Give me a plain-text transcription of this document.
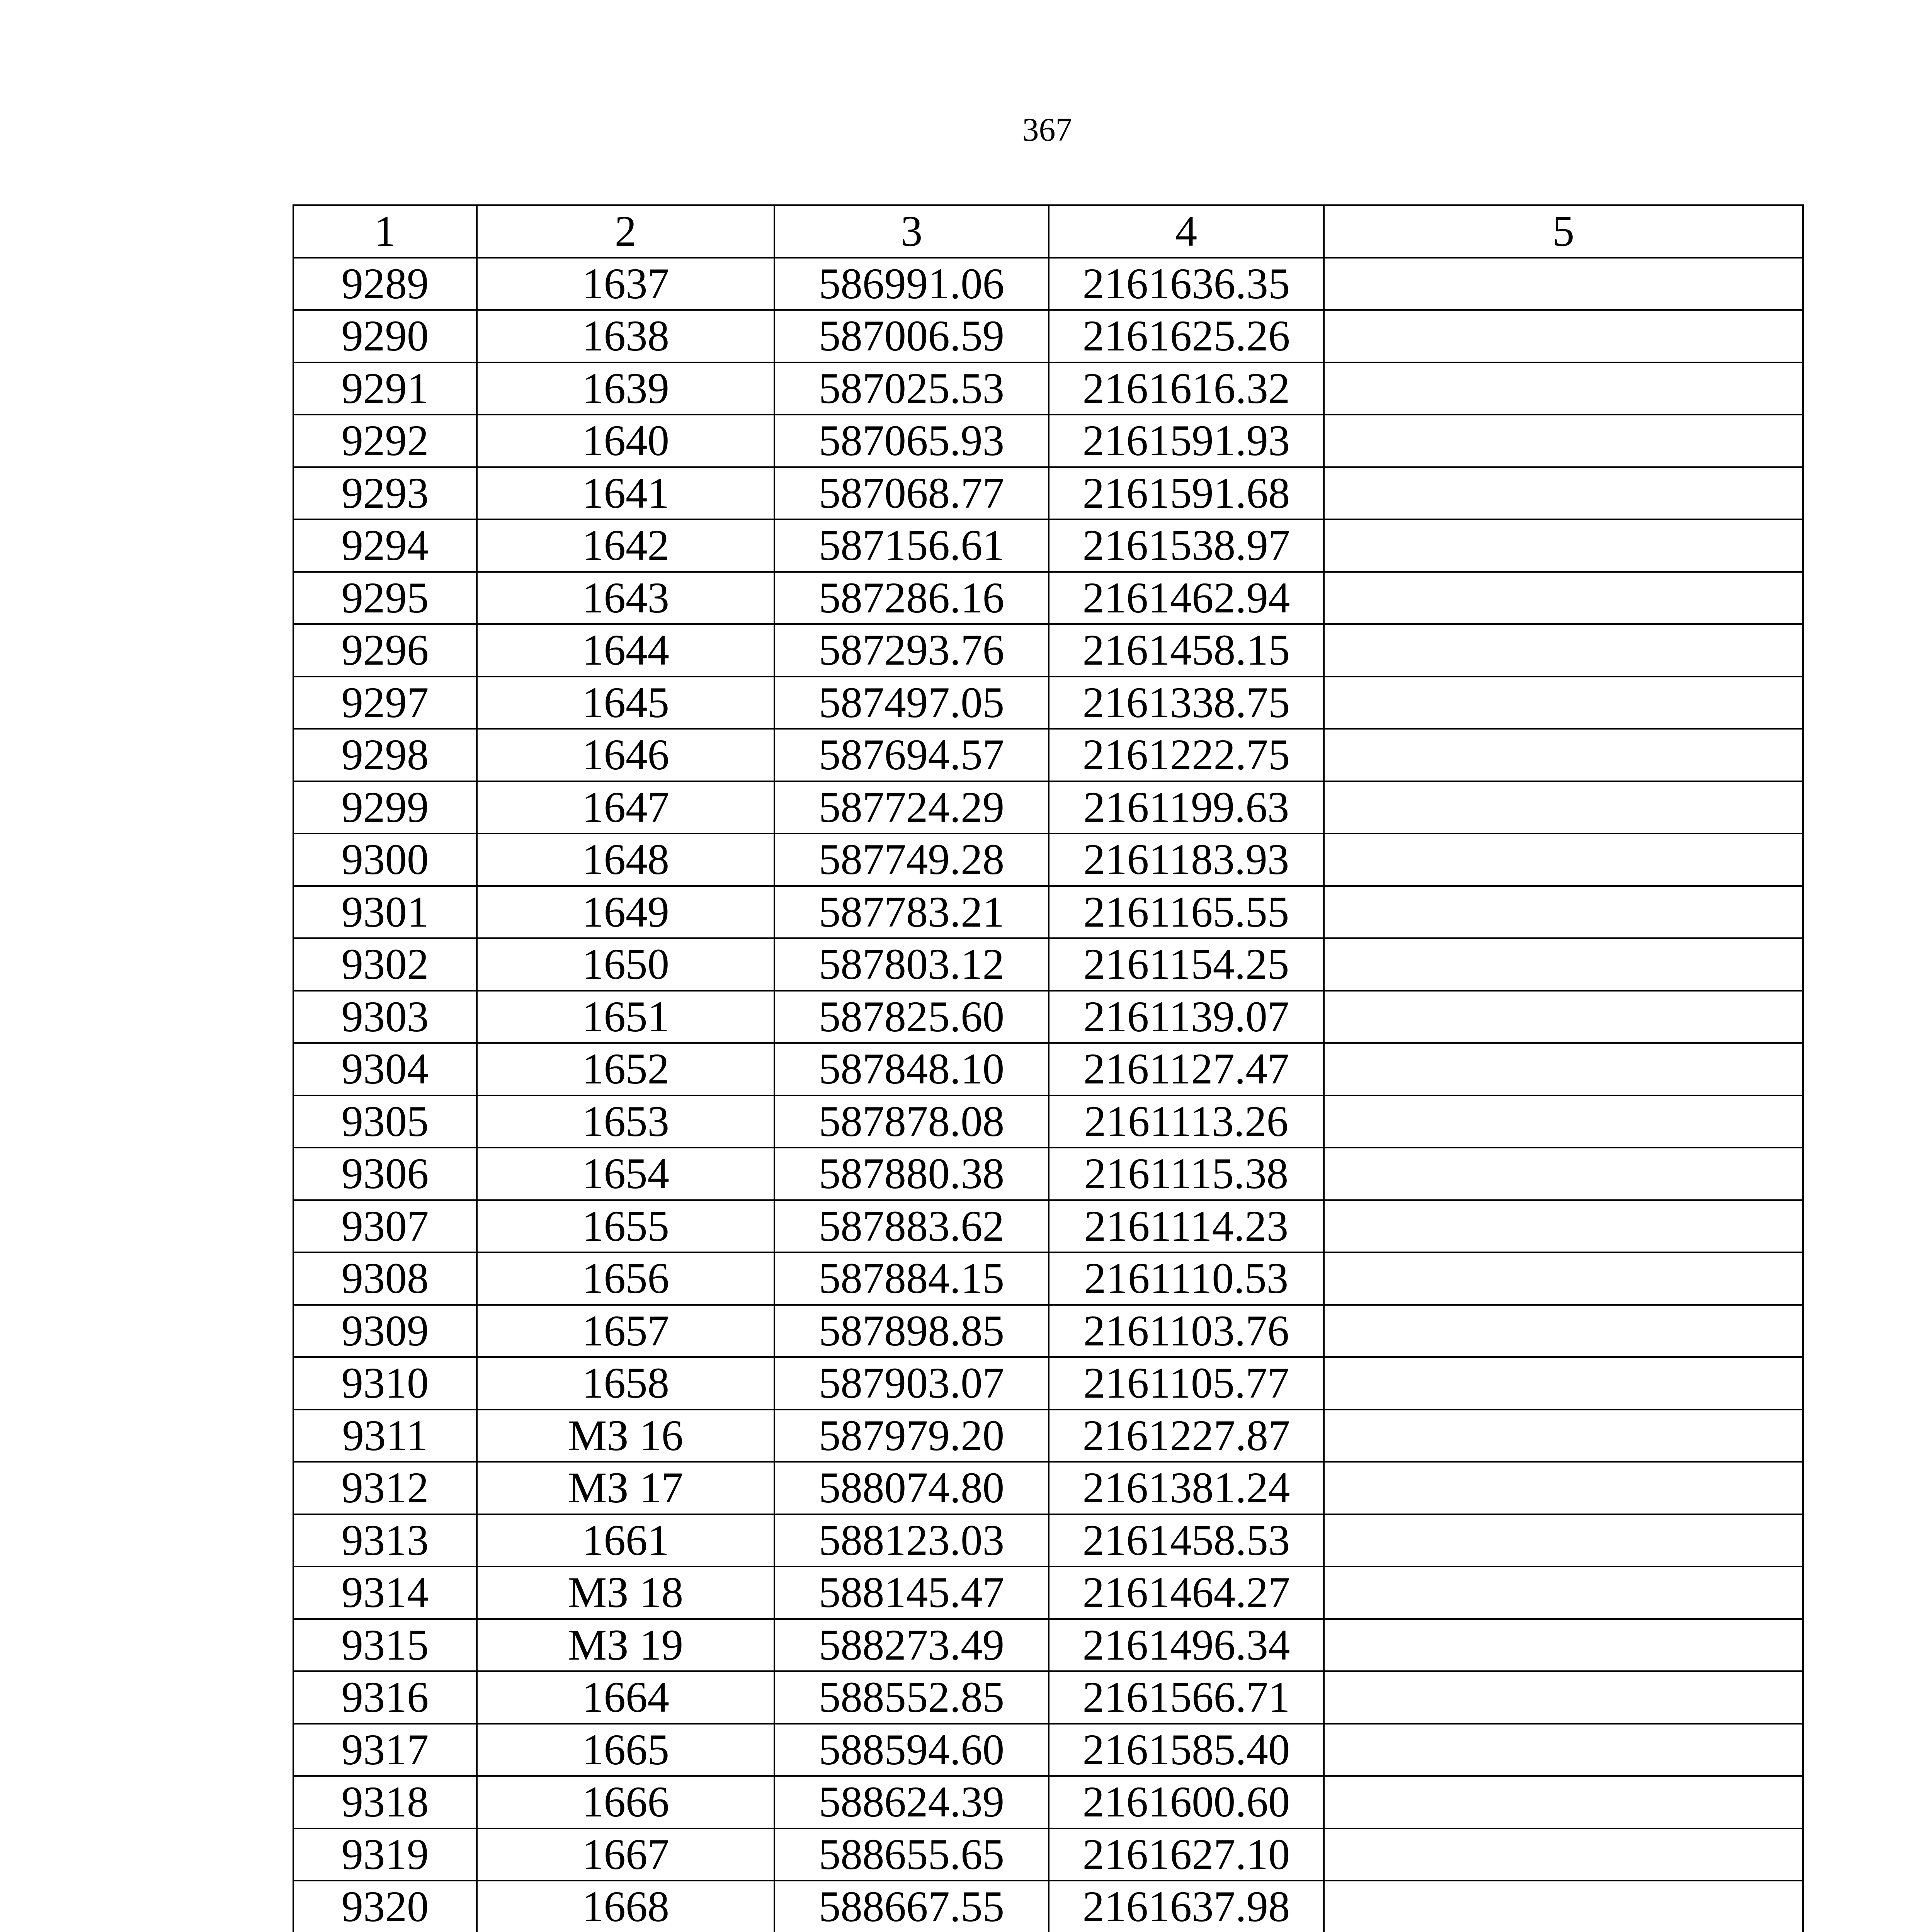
367
1	2	3	4	5
9289	1637	586991.06	2161636.35	
9290	1638	587006.59	2161625.26	
9291	1639	587025.53	2161616.32	
9292	1640	587065.93	2161591.93	
9293	1641	587068.77	2161591.68	
9294	1642	587156.61	2161538.97	
9295	1643	587286.16	2161462.94	
9296	1644	587293.76	2161458.15	
9297	1645	587497.05	2161338.75	
9298	1646	587694.57	2161222.75	
9299	1647	587724.29	2161199.63	
9300	1648	587749.28	2161183.93	
9301	1649	587783.21	2161165.55	
9302	1650	587803.12	2161154.25	
9303	1651	587825.60	2161139.07	
9304	1652	587848.10	2161127.47	
9305	1653	587878.08	2161113.26	
9306	1654	587880.38	2161115.38	
9307	1655	587883.62	2161114.23	
9308	1656	587884.15	2161110.53	
9309	1657	587898.85	2161103.76	
9310	1658	587903.07	2161105.77	
9311	МЗ 16	587979.20	2161227.87	
9312	МЗ 17	588074.80	2161381.24	
9313	1661	588123.03	2161458.53	
9314	МЗ 18	588145.47	2161464.27	
9315	МЗ 19	588273.49	2161496.34	
9316	1664	588552.85	2161566.71	
9317	1665	588594.60	2161585.40	
9318	1666	588624.39	2161600.60	
9319	1667	588655.65	2161627.10	
9320	1668	588667.55	2161637.98	
